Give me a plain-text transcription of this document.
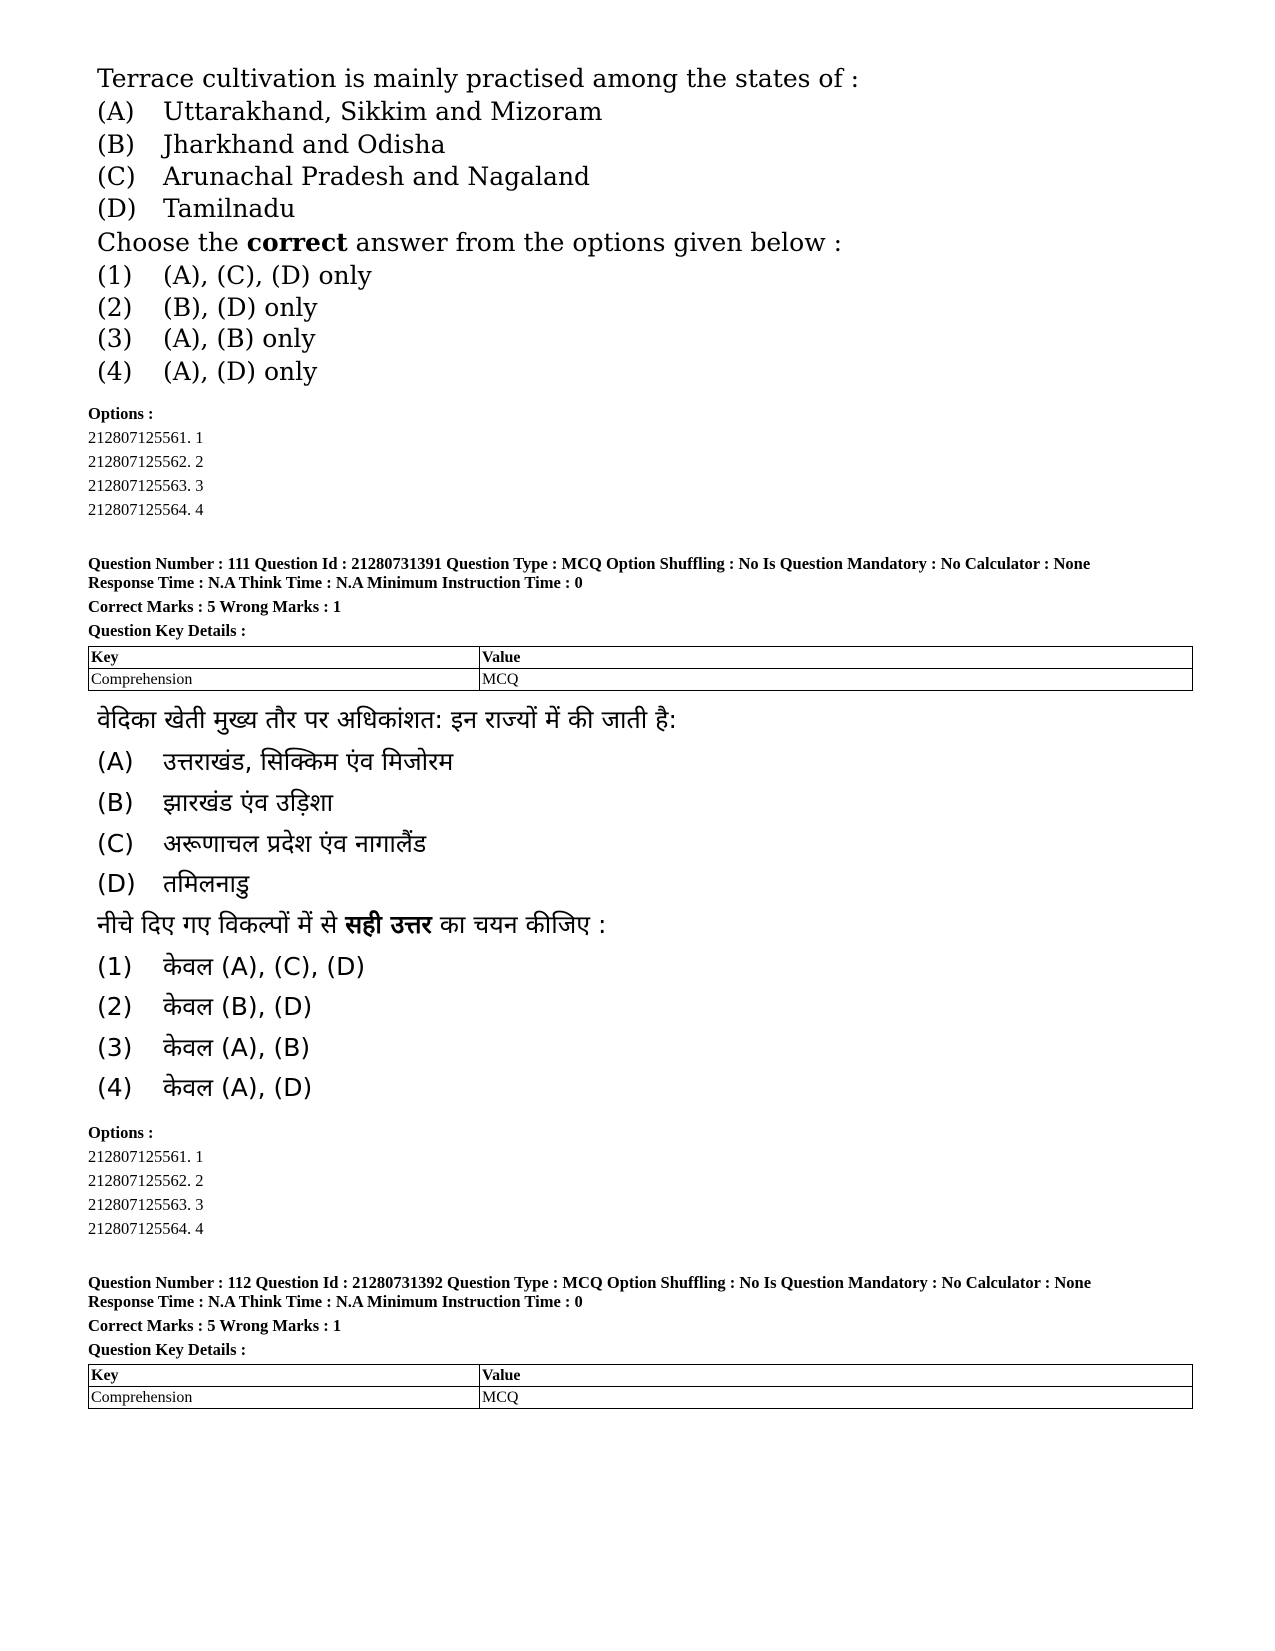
Terrace cultivation is mainly practised among the states of :
(A) Uttarakhand, Sikkim and Mizoram
(B) Jharkhand and Odisha
(C) Arunachal Pradesh and Nagaland
(D) Tamilnadu
Choose the correct answer from the options given below :
(1) (A), (C), (D) only
(2) (B), (D) only
(3) (A), (B) only
(4) (A), (D) only
Options :
212807125561. 1
212807125562. 2
212807125563. 3
212807125564. 4
Question Number : 111 Question Id : 21280731391 Question Type : MCQ Option Shuffling : No Is Question Mandatory : No Calculator : None
Response Time : N.A Think Time : N.A Minimum Instruction Time : 0
Correct Marks : 5 Wrong Marks : 1
Question Key Details :
Key	Value
Comprehension	MCQ
वेदिका खेती मुख्य तौर पर अधिकांशत: इन राज्यों में की जाती है:
(A) उत्तराखंड, सिक्किम एंव मिजोरम
(B) झारखंड एंव उड़िशा
(C) अरूणाचल प्रदेश एंव नागालैंड
(D) तमिलनाडु
नीचे दिए गए विकल्पों में से सही उत्तर का चयन कीजिए :
(1) केवल (A), (C), (D)
(2) केवल (B), (D)
(3) केवल (A), (B)
(4) केवल (A), (D)
Options :
212807125561. 1
212807125562. 2
212807125563. 3
212807125564. 4
Question Number : 112 Question Id : 21280731392 Question Type : MCQ Option Shuffling : No Is Question Mandatory : No Calculator : None
Response Time : N.A Think Time : N.A Minimum Instruction Time : 0
Correct Marks : 5 Wrong Marks : 1
Question Key Details :
Key	Value
Comprehension	MCQ
